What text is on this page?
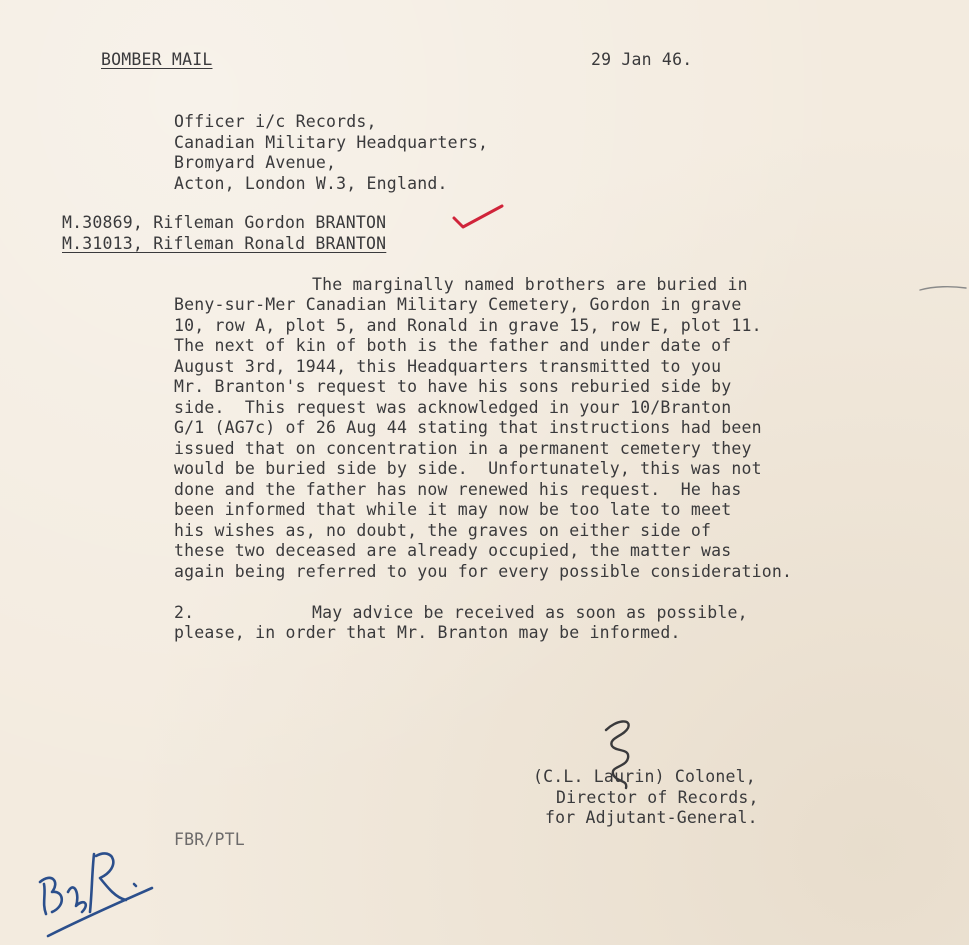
BOMBER MAIL	29 Jan 46.
Officer i/c Records,
Canadian Military Headquarters,
Bromyard Avenue,
Acton, London W.3, England.
M.30869, Rifleman Gordon BRANTON
M.31013, Rifleman Ronald BRANTON
The marginally named brothers are buried in
Beny-sur-Mer Canadian Military Cemetery, Gordon in grave
10, row A, plot 5, and Ronald in grave 15, row E, plot 11.
The next of kin of both is the father and under date of
August 3rd, 1944, this Headquarters transmitted to you
Mr. Branton's request to have his sons reburied side by
side.  This request was acknowledged in your 10/Branton
G/1 (AG7c) of 26 Aug 44 stating that instructions had been
issued that on concentration in a permanent cemetery they
would be buried side by side.  Unfortunately, this was not
done and the father has now renewed his request.  He has
been informed that while it may now be too late to meet
his wishes as, no doubt, the graves on either side of
these two deceased are already occupied, the matter was
again being referred to you for every possible consideration.
2.	May advice be received as soon as possible,
please, in order that Mr. Branton may be informed.
(C.L. Laurin) Colonel,
Director of Records,
for Adjutant-General.
FBR/PTL
